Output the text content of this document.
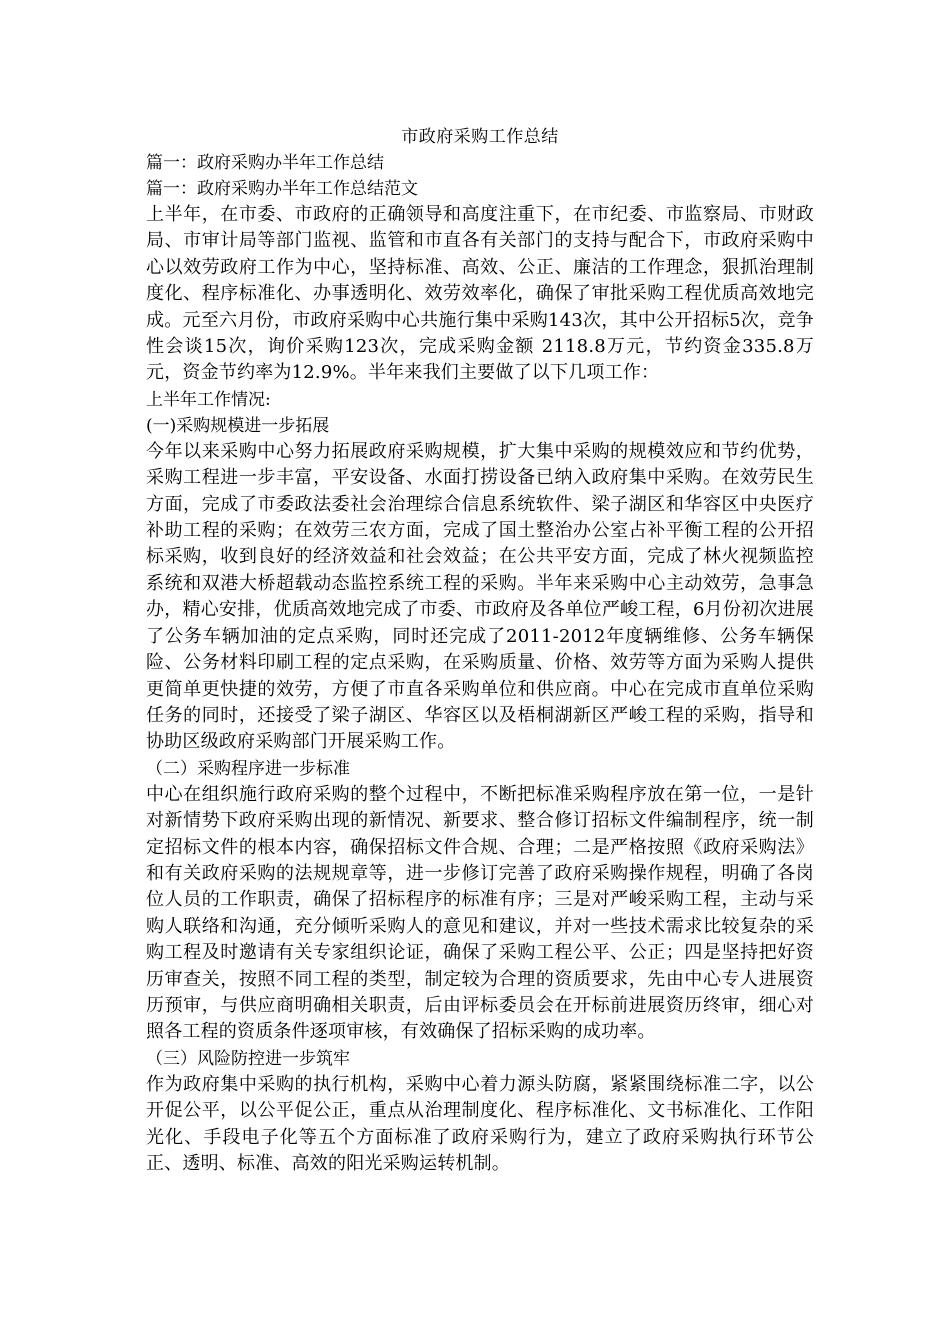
市政府采购工作总结
篇一：政府采购办半年工作总结
篇一：政府采购办半年工作总结范文

上半年，在市委、市政府的正确领导和高度注重下，在市纪委、市监察局、市财政局、市审计局等部门监视、监管和市直各有关部门的支持与配合下，市政府采购中心以效劳政府工作为中心，坚持标准、高效、公正、廉洁的工作理念，狠抓治理制度化、程序标准化、办事透明化、效劳效率化，确保了审批采购工程优质高效地完成。元至六月份，市政府采购中心共施行集中采购143次，其中公开招标5次，竞争性会谈15次，询价采购123次，完成采购金额 2118.8万元，节约资金335.8万元，资金节约率为12.9%。半年来我们主要做了以下几项工作：

上半年工作情况:
(一)采购规模进一步拓展

今年以来采购中心努力拓展政府采购规模，扩大集中采购的规模效应和节约优势，采购工程进一步丰富，平安设备、水面打捞设备已纳入政府集中采购。在效劳民生方面，完成了市委政法委社会治理综合信息系统软件、梁子湖区和华容区中央医疗补助工程的采购；在效劳三农方面，完成了国土整治办公室占补平衡工程的公开招标采购，收到良好的经济效益和社会效益；在公共平安方面，完成了林火视频监控系统和双港大桥超载动态监控系统工程的采购。半年来采购中心主动效劳，急事急办，精心安排，优质高效地完成了市委、市政府及各单位严峻工程，6月份初次进展了公务车辆加油的定点采购，同时还完成了2011-2012年度辆维修、公务车辆保险、公务材料印刷工程的定点采购，在采购质量、价格、效劳等方面为采购人提供更简单更快捷的效劳，方便了市直各采购单位和供应商。中心在完成市直单位采购任务的同时，还接受了梁子湖区、华容区以及梧桐湖新区严峻工程的采购，指导和协助区级政府采购部门开展采购工作。

（二）采购程序进一步标准

中心在组织施行政府采购的整个过程中，不断把标准采购程序放在第一位，一是针对新情势下政府采购出现的新情况、新要求、整合修订招标文件编制程序，统一制定招标文件的根本内容，确保招标文件合规、合理；二是严格按照《政府采购法》和有关政府采购的法规规章等，进一步修订完善了政府采购操作规程，明确了各岗位人员的工作职责，确保了招标程序的标准有序；三是对严峻采购工程，主动与采购人联络和沟通，充分倾听采购人的意见和建议，并对一些技术需求比较复杂的采购工程及时邀请有关专家组织论证，确保了采购工程公平、公正；四是坚持把好资历审查关，按照不同工程的类型，制定较为合理的资质要求，先由中心专人进展资历预审，与供应商明确相关职责，后由评标委员会在开标前进展资历终审，细心对照各工程的资质条件逐项审核，有效确保了招标采购的成功率。

（三）风险防控进一步筑牢

作为政府集中采购的执行机构，采购中心着力源头防腐，紧紧围绕标准二字，以公开促公平，以公平促公正，重点从治理制度化、程序标准化、文书标准化、工作阳光化、手段电子化等五个方面标准了政府采购行为，建立了政府采购执行环节公正、透明、标准、高效的阳光采购运转机制。
